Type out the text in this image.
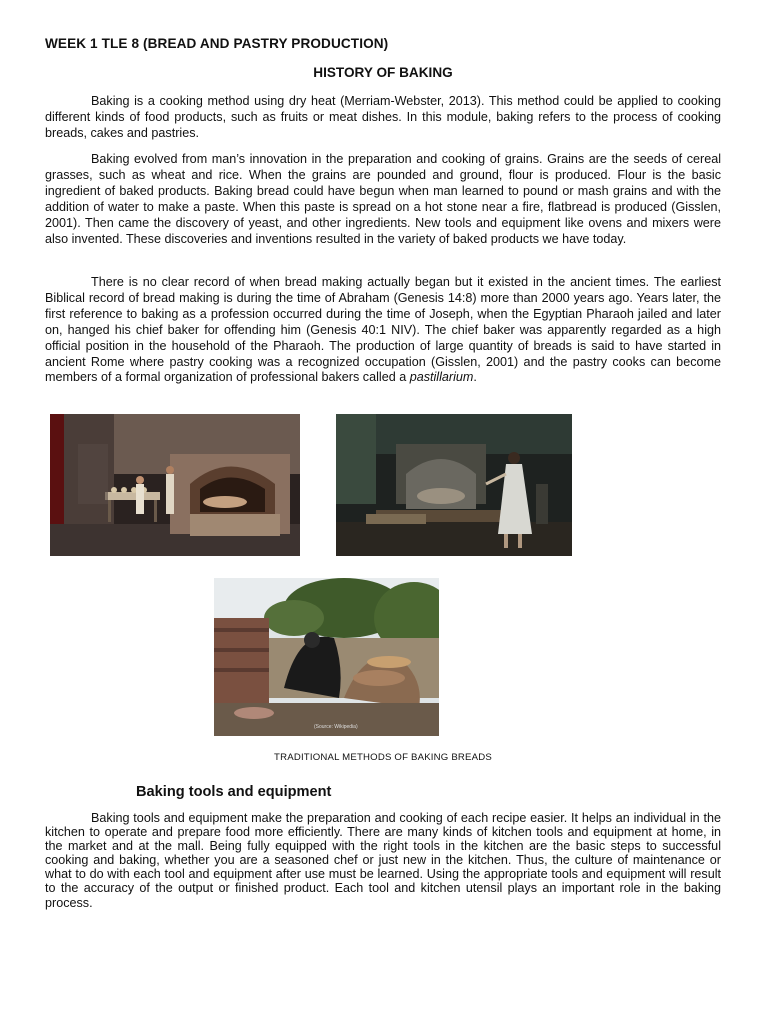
WEEK 1 TLE 8 (BREAD AND PASTRY PRODUCTION)
HISTORY OF BAKING

Baking is a cooking method using dry heat (Merriam-Webster, 2013). This method could be applied to cooking different kinds of food products, such as fruits or meat dishes. In this module, baking refers to the process of cooking breads, cakes and pastries.

Baking evolved from man’s innovation in the preparation and cooking of grains. Grains are the seeds of cereal grasses, such as wheat and rice. When the grains are pounded and ground, flour is produced. Flour is the basic ingredient of baked products. Baking bread could have begun when man learned to pound or mash grains and with the addition of water to make a paste. When this paste is spread on a hot stone near a fire, flatbread is produced (Gisslen, 2001). Then came the discovery of yeast, and other ingredients. New tools and equipment like ovens and mixers were also invented. These discoveries and inventions resulted in the variety of baked products we have today.

There is no clear record of when bread making actually began but it existed in the ancient times. The earliest Biblical record of bread making is during the time of Abraham (Genesis 14:8) more than 2000 years ago. Years later, the first reference to baking as a profession occurred during the time of Joseph, when the Egyptian Pharaoh jailed and later on, hanged his chief baker for offending him (Genesis 40:1 NIV). The chief baker was apparently regarded as a high official position in the household of the Pharaoh. The production of large quantity of breads is said to have started in ancient Rome where pastry cooking was a recognized occupation (Gisslen, 2001) and the pastry cooks can become members of a formal organization of professional bakers called a pastillarium.

(Source: Wikipedia)
TRADITIONAL METHODS OF BAKING BREADS
Baking tools and equipment

Baking tools and equipment make the preparation and cooking of each recipe easier. It helps an individual in the kitchen to operate and prepare food more efficiently. There are many kinds of kitchen tools and equipment at home, in the market and at the mall. Being fully equipped with the right tools in the kitchen are the basic steps to successful cooking and baking, whether you are a seasoned chef or just new in the kitchen. Thus, the culture of maintenance or what to do with each tool and equipment after use must be learned. Using the appropriate tools and equipment will result to the accuracy of the output or finished product. Each tool and kitchen utensil plays an important role in the baking process.
